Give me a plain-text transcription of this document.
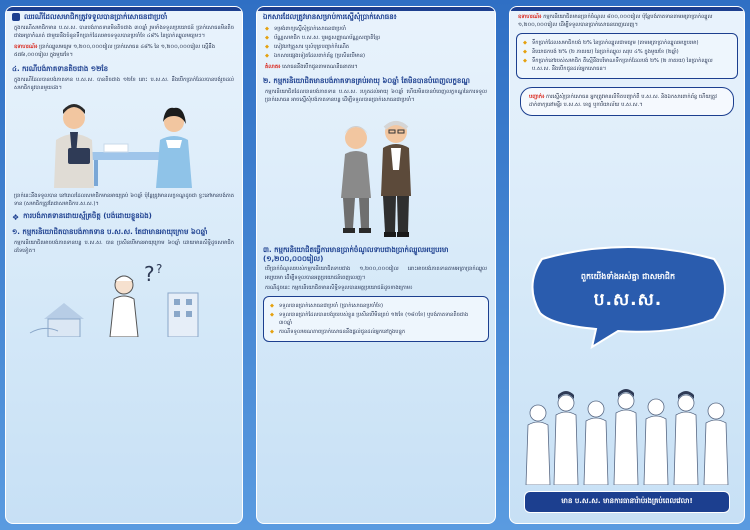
ឈរណីដែលសមាជិកត្រូវទទួលបានប្រាក់សោធនជាប្រចាំ

ក្នុងករណីសមាជិកមាន ប.ស.ស. បានបង់ភាគទានមិនតិចជាង ៣០ឆ្នាំ រួមទាំងទទួលប្រយោជន៍ ប្រាក់សោធនមិនតិចជាងអត្រាកំណត់ ជាមួយនឹងចំនួនទឹកប្រាក់ដែលអាចទទួលបានប្រចាំខែ ៤៨% នៃប្រាក់ឈ្នួលមធ្យមៗ។

ឧទាហរណ៍៖ ប្រាក់ឈ្នួលមធ្យម ១,២០០,០០០រៀល ប្រាក់សោធន ៤៨% នៃ ១,២០០,០០០រៀល ស្មើនឹង ៥៧៦,០០០រៀល ក្នុងមួយខែ។

៤. ករណីបង់ភាគទានតិចជាង ១២ខែ

ក្នុងករណីដែលបានបង់ភាគទាន ប.ស.ស. បានតិចជាង ១២ខែ នោះ ប.ស.ស. នឹងបើកប្រាក់ដែលបានបង់រួចដល់សមាជិកនូវបានមួយដង។

ប្រាក់នេះនឹងទទួលបាន នៅពេលដែលសមាជិកមានអាយុគ្រប់ ៦០ឆ្នាំ ប៉ុន្តែត្រូវមានលក្ខខណ្ឌដូចជា ខ្វះនៅមានបង់ភាគទាន (សមាជិកត្រូវតែជាសមាជិកប.ស.ស.)។

❖ ការបង់ភាគទានដោយស្ម័គ្រចិត្ត (បង់ដោយខ្លួនឯង)
១. កម្មករនិយោជិតបានបង់ភាគទាន ប.ស.ស. តែជាមានអាយុក្រោម ៦០ឆ្នាំ

កម្មករនិយោជិតអាចបង់ភាគទានបន្ត ប.ស.ស. បាន ប្រសិនបើមានអាយុក្រោម ៦០ឆ្នាំ ដោយមានសិទ្ធិដូចសមាជិកដទៃទៀត។

? ?
ឯកសារដែលត្រូវមានសម្រាប់ការស្នើសុំប្រាក់សោធន៖
◆ ទម្រង់ពាក្យស្នើសុំប្រាក់សោធនជាប្រចាំ
◆ ប័ណ្ណសមាជិក ប.ស.ស. ឬអត្តសញ្ញាណប័ណ្ណសញ្ជាតិខ្មែរ
◆ សៀវភៅគ្រួសារ ឬសំបុត្របញ្ជាក់កំណើត
◆ ឯកសារផ្សេងទៀតដែលពាក់ព័ន្ធ (ប្រសិនបើមាន)

គំលាត៖ សោធននឹងបើកជូនតាមគណនីធនាគារ។

២. កម្មករនិយោជិតមានបង់ភាគទានគ្រប់អាយុ ៦០ឆ្នាំ តែមិនបានបំពេញលក្ខខណ្ឌ

កម្មករនិយោជិតដែលបានបង់ភាគទាន ប.ស.ស. រហូតដល់អាយុ ៦០ឆ្នាំ ហើយមិនបានបំពេញលក្ខខណ្ឌនៃការទទួលប្រាក់សោធន អាចស្នើសុំបង់ភាគទានបន្ត ដើម្បីទទួលបានប្រាក់សោធនជាប្រចាំ។

៣. កម្មករនិយោជិតធ្វើការមានប្រាក់ចំណូលទាបជាងប្រាក់ឈ្នួលអប្បបរមា (១,២០០,០០០រៀល)

បើប្រាក់ចំណូលរបស់កម្មករនិយោជិតទាបជាង ១,២០០,០០០រៀល នោះអាចបង់ភាគទានតាមអត្រាប្រាក់ឈ្នួលអប្បបរមា ដើម្បីទទួលបានអត្ថប្រយោជន៍ពេញលេញ។

ករណីដូចនេះ កម្មករនិយោជិតមានសិទ្ធិទទួលបានអត្ថប្រយោជន៍ដូចខាងក្រោម៖

◆ ទទួលបានប្រាក់សោធនជាប្រចាំ (ប្រាក់សោធនប្រចាំខែ)
◆ ទទួលបានប្រាក់ដែលបានបង់រួចរបស់ខ្លួន ប្រសិនបើមិនគ្រប់ ១២ខែ (១៨០ខែ) ឬបង់ភាគទានតិចជាង ៣០ឆ្នាំ
◆ ករណីទទួលមរណភាពប្រាក់សោធននឹងផ្ដល់ជូនដល់អ្នកនៅក្នុងបន្ទុក

ឧទាហរណ៍៖ កម្មករនិយោជិតមានប្រាក់ចំណូល ៨០០,០០០រៀល ប៉ុន្តែបង់ភាគទានតាមអត្រាប្រាក់ឈ្នួល ១,២០០,០០០រៀល ដើម្បីទទួលបានប្រាក់សោធនពេញលេញ។

◆ ទឹកប្រាក់ដែលសមាជិកបង់ ២% នៃប្រាក់ឈ្នួលជាមធ្យម (តាមអត្រាប្រាក់ឈ្នួលអប្បបរមា)
◆ និយោជកបង់ ២% (២ ភាគរយ) នៃប្រាក់ឈ្នួល សរុប ៤% ក្នុងមួយខែ (២ឆ្នាំ)
◆ ទឹកប្រាក់នៅរបស់សមាជិក គឺស្មើនឹងបរិមាណទឹកប្រាក់ដែលបង់ ២% (២ ភាគរយ) នៃប្រាក់ឈ្នួល ប.ស.ស. នឹងបើកជូនដល់អ្នកសោធន។
បញ្ជាក់៖ ការស្នើសុំប្រាក់សោធន អ្នកត្រូវមានលិខិតបញ្ជាក់ពី ប.ស.ស. និងឯកសារពាក់ព័ន្ធ ហើយត្រូវដាក់ពាក្យនៅមន្ទីរ ប.ស.ស. ខេត្ត ឬការិយាល័យ ប.ស.ស.។
ពួកយើងទាំងអស់គ្នា ជាសមាជិក
ប.ស.ស.
មាន ប.ស.ស. មានការធានារ៉ាប់រងគ្រប់ពេលវេលា!
